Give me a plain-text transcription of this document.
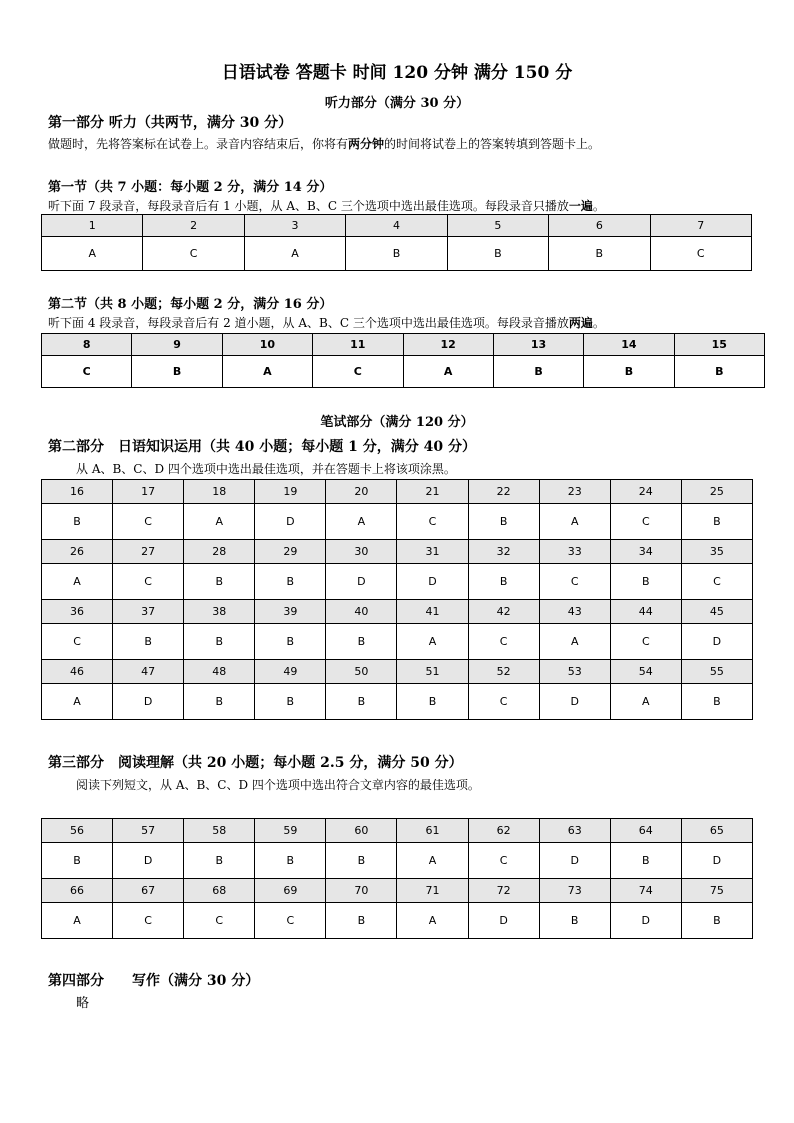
日语试卷 答题卡 时间 120 分钟 满分 150 分
听力部分（满分 30 分）
第一部分 听力（共两节，满分 30 分）
做题时，先将答案标在试卷上。录音内容结束后，你将有两分钟的时间将试卷上的答案转填到答题卡上。
第一节（共 7 小题：每小题 2 分，满分 14 分）
听下面 7 段录音，每段录音后有 1 小题，从 A、B、C 三个选项中选出最佳选项。每段录音只播放一遍。
1	2	3	4	5	6	7
A	C	A	B	B	B	C
第二节（共 8 小题；每小题 2 分，满分 16 分）
听下面 4 段录音，每段录音后有 2 道小题，从 A、B、C 三个选项中选出最佳选项。每段录音播放两遍。
8	9	10	11	12	13	14	15
C	B	A	C	A	B	B	B
笔试部分（满分 120 分）
第二部分　日语知识运用（共 40 小题；每小题 1 分，满分 40 分）
从 A、B、C、D 四个选项中选出最佳选项，并在答题卡上将该项涂黑。
16	17	18	19	20	21	22	23	24	25
B	C	A	D	A	C	B	A	C	B
26	27	28	29	30	31	32	33	34	35
A	C	B	B	D	D	B	C	B	C
36	37	38	39	40	41	42	43	44	45
C	B	B	B	B	A	C	A	C	D
46	47	48	49	50	51	52	53	54	55
A	D	B	B	B	B	C	D	A	B
第三部分　阅读理解（共 20 小题；每小题 2.5 分，满分 50 分）
阅读下列短文，从 A、B、C、D 四个选项中选出符合文章内容的最佳选项。
56	57	58	59	60	61	62	63	64	65
B	D	B	B	B	A	C	D	B	D
66	67	68	69	70	71	72	73	74	75
A	C	C	C	B	A	D	B	D	B
第四部分　　写作（满分 30 分）
略
